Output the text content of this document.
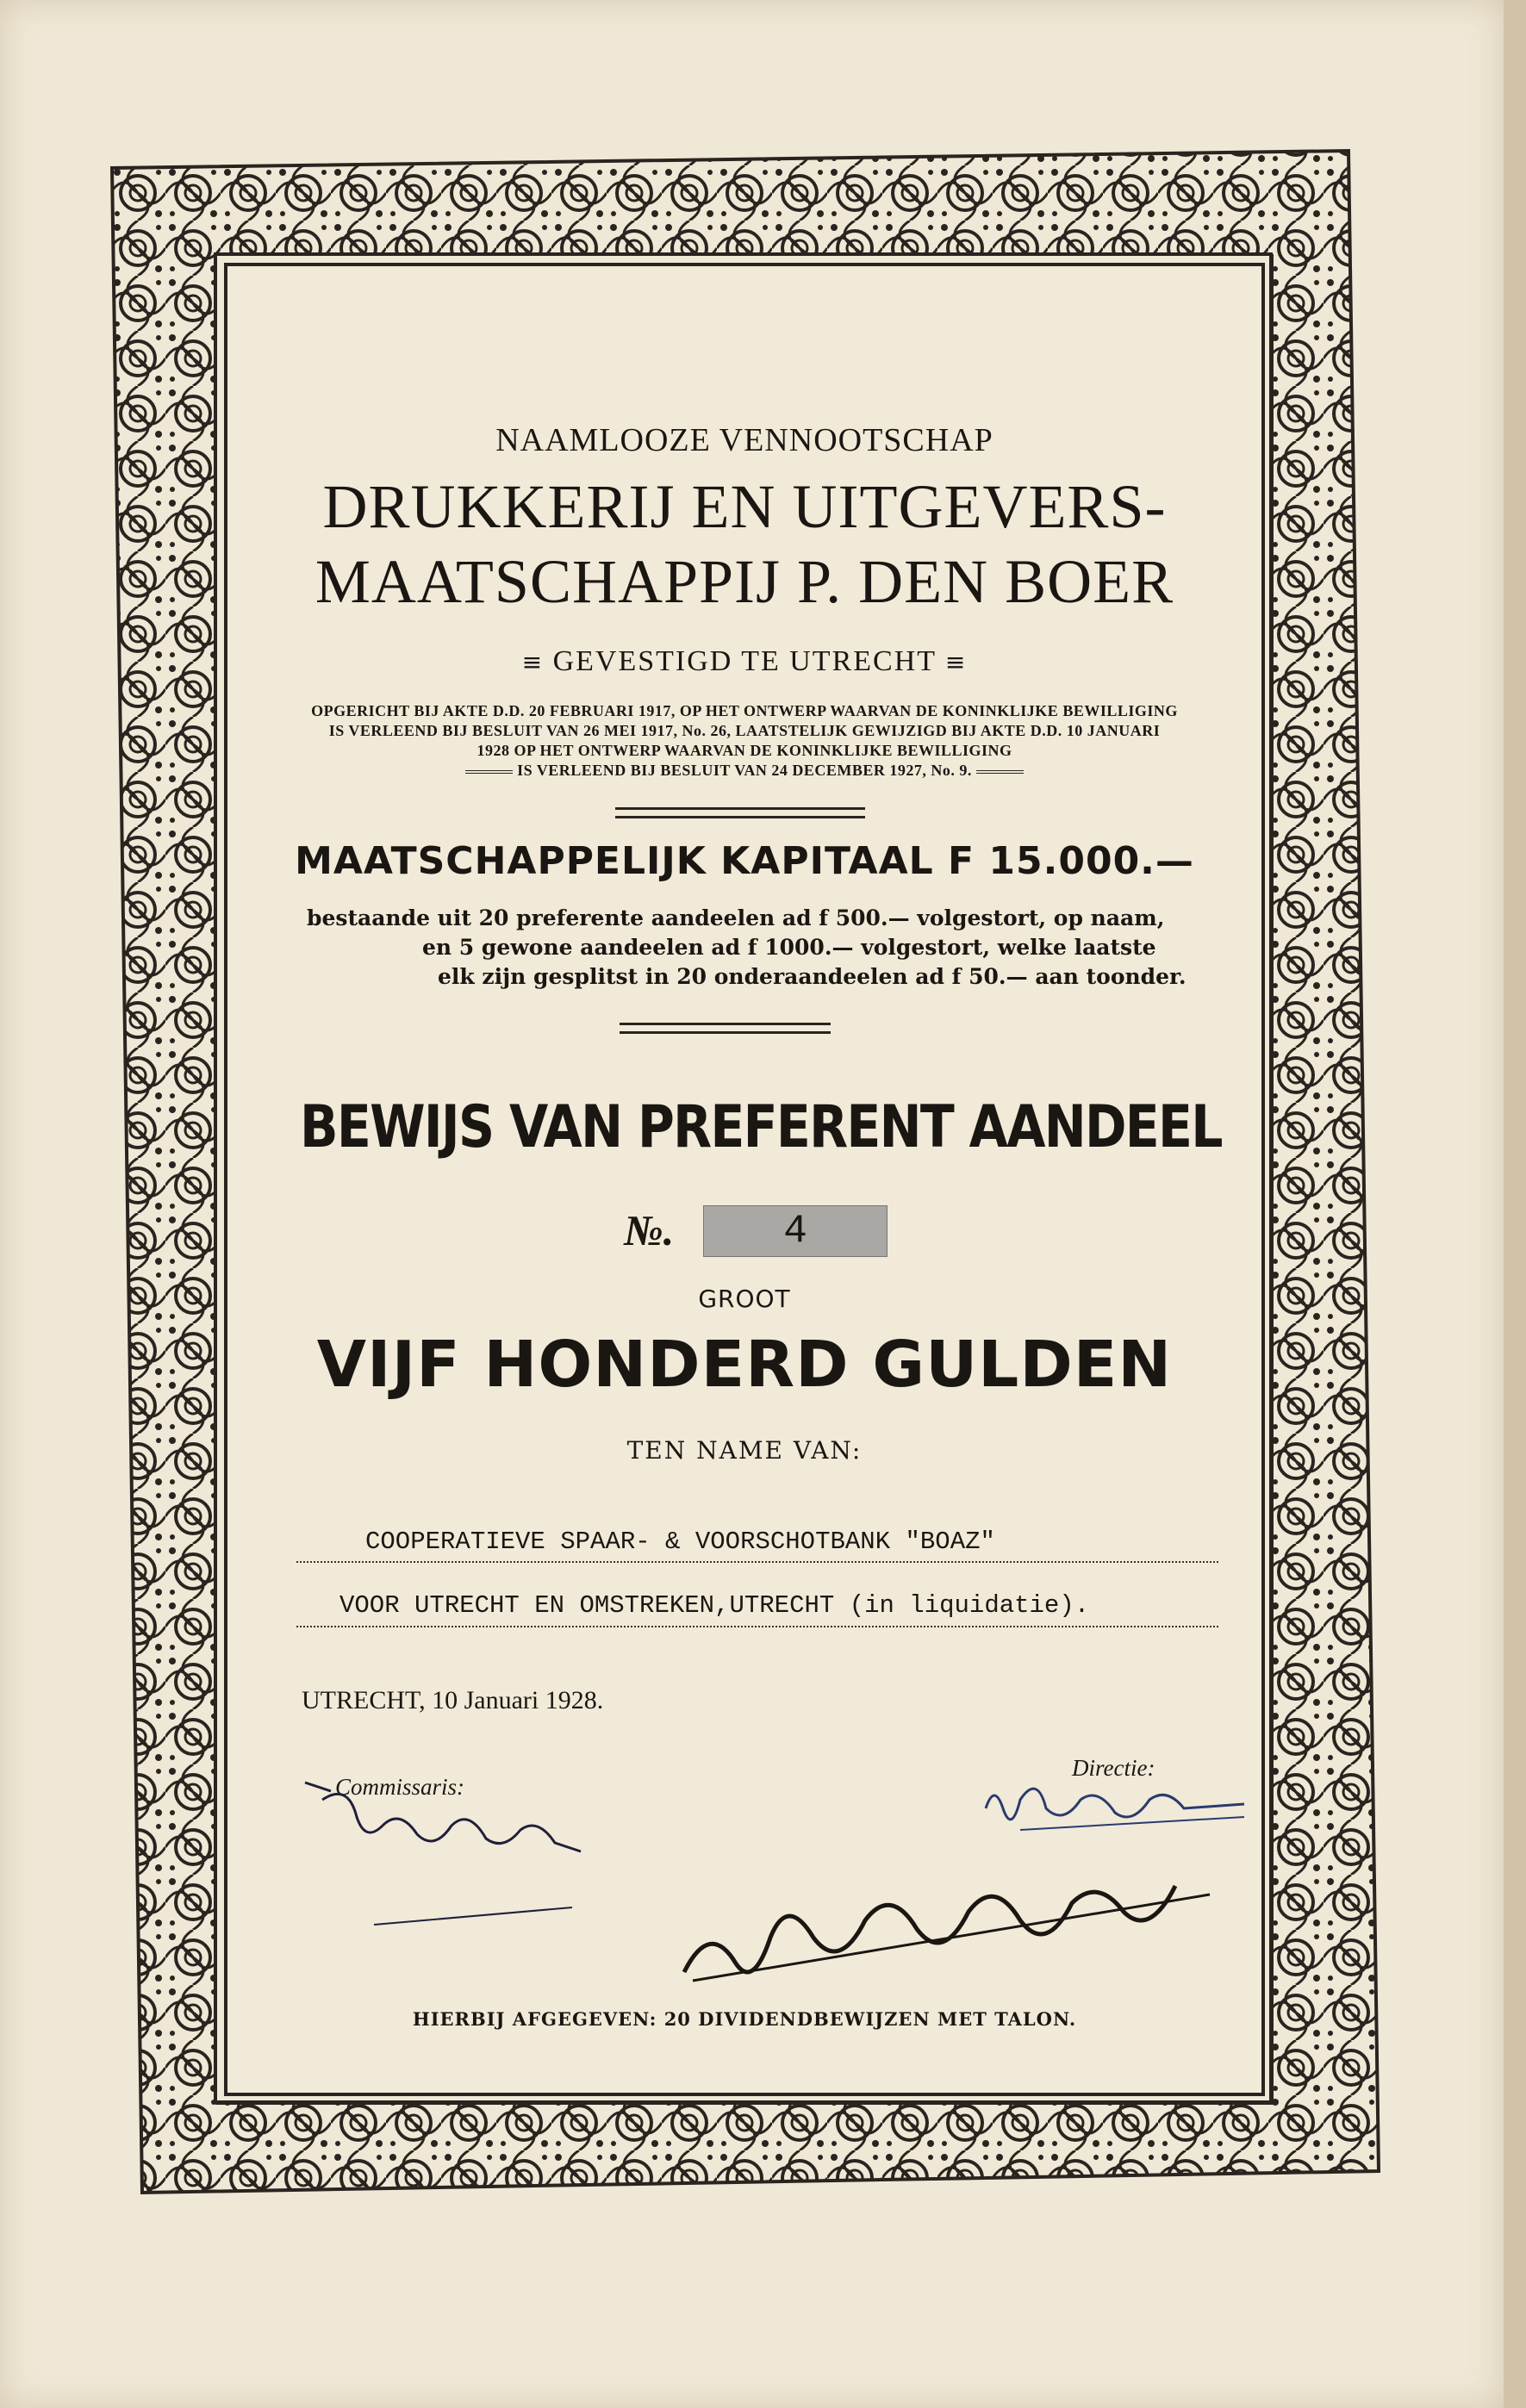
NAAMLOOZE VENNOOTSCHAP
DRUKKERIJ EN UITGEVERS-
MAATSCHAPPIJ P. DEN BOER
≡ GEVESTIGD TE UTRECHT ≡
OPGERICHT BIJ AKTE D.D. 20 FEBRUARI 1917, OP HET ONTWERP WAARVAN DE KONINKLIJKE BEWILLIGING
IS VERLEEND BIJ BESLUIT VAN 26 MEI 1917, No. 26, LAATSTELIJK GEWIJZIGD BIJ AKTE D.D. 10 JANUARI
1928 OP HET ONTWERP WAARVAN DE KONINKLIJKE BEWILLIGING
IS VERLEEND BIJ BESLUIT VAN 24 DECEMBER 1927, No. 9.
MAATSCHAPPELIJK KAPITAAL F 15.000.—
bestaande uit 20 preferente aandeelen ad f 500.— volgestort, op naam,
en 5 gewone aandeelen ad f 1000.— volgestort, welke laatste
elk zijn gesplitst in 20 onderaandeelen ad f 50.— aan toonder.
BEWIJS VAN PREFERENT AANDEEL
№.	4
GROOT
VIJF HONDERD GULDEN
TEN NAME VAN:
COOPERATIEVE SPAAR- & VOORSCHOTBANK "BOAZ"
VOOR UTRECHT EN OMSTREKEN,UTRECHT (in liquidatie).
UTRECHT, 10 Januari 1928.
Commissaris:
Directie:
HIERBIJ AFGEGEVEN: 20 DIVIDENDBEWIJZEN MET TALON.
